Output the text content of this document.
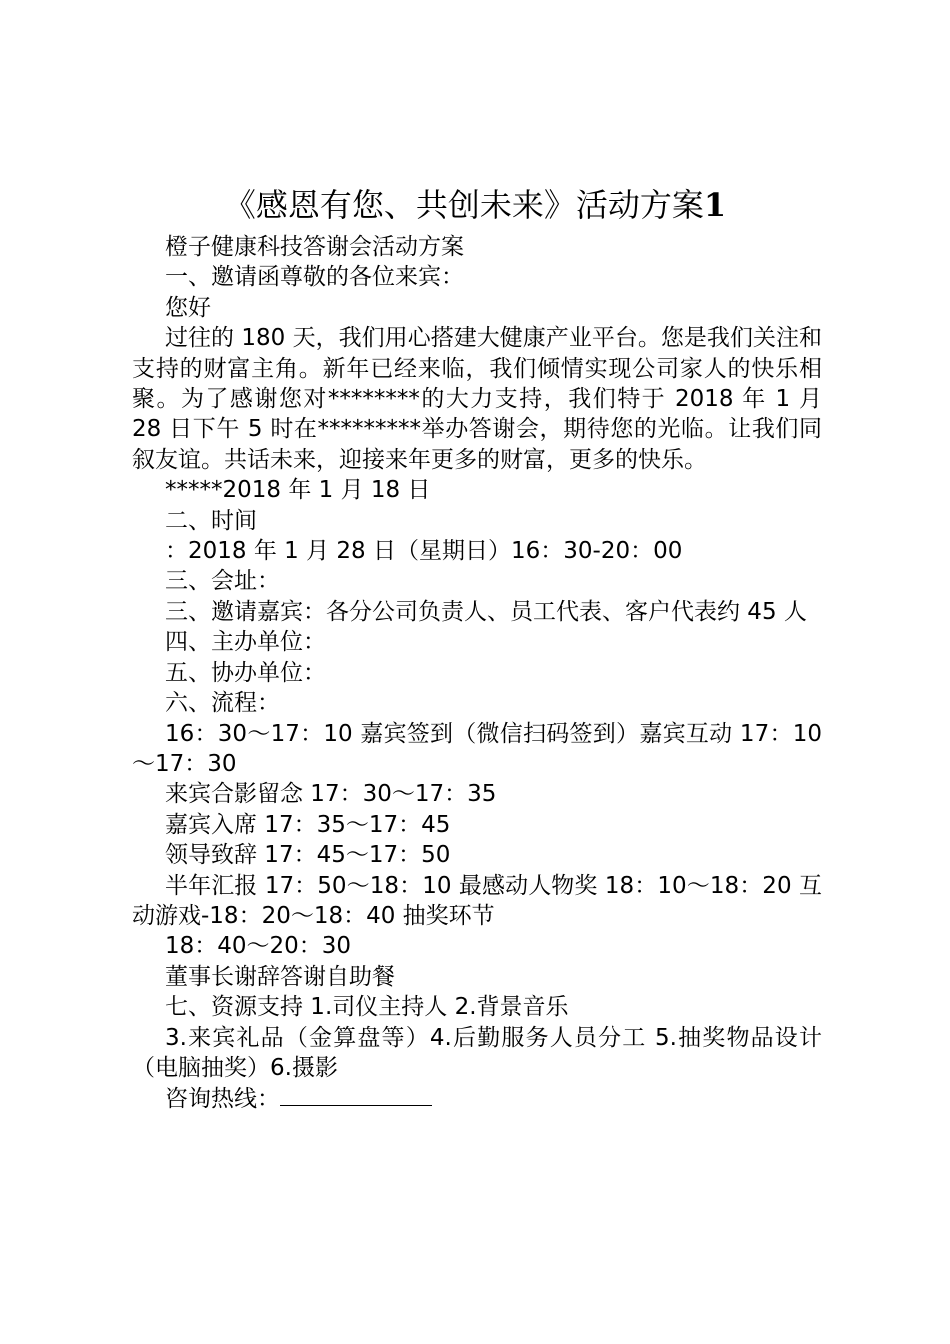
《感恩有您、共创未来》活动方案1

橙子健康科技答谢会活动方案

一、邀请函尊敬的各位来宾：

您好

过往的 180 天，我们用心搭建大健康产业平台。您是我们关注和支持的财富主角。新年已经来临，我们倾情实现公司家人的快乐相聚。为了感谢您对********的大力支持，我们特于 2018 年 1 月 28 日下午 5 时在*********举办答谢会，期待您的光临。让我们同叙友谊。共话未来，迎接来年更多的财富，更多的快乐。

*****2018 年 1 月 18 日

二、时间

：2018 年 1 月 28 日（星期日）16：30-20：00

三、会址：

三、邀请嘉宾：各分公司负责人、员工代表、客户代表约 45 人

四、主办单位：

五、协办单位：

六、流程：

16：30～17：10 嘉宾签到（微信扫码签到）嘉宾互动 17：10～17：30

来宾合影留念 17：30～17：35

嘉宾入席 17：35～17：45

领导致辞 17：45～17：50

半年汇报 17：50～18：10 最感动人物奖 18：10～18：20 互动游戏-18：20～18：40 抽奖环节

18：40～20：30

董事长谢辞答谢自助餐

七、资源支持 1.司仪主持人 2.背景音乐

3.来宾礼品（金算盘等）4.后勤服务人员分工 5.抽奖物品设计（电脑抽奖）6.摄影

咨询热线：
